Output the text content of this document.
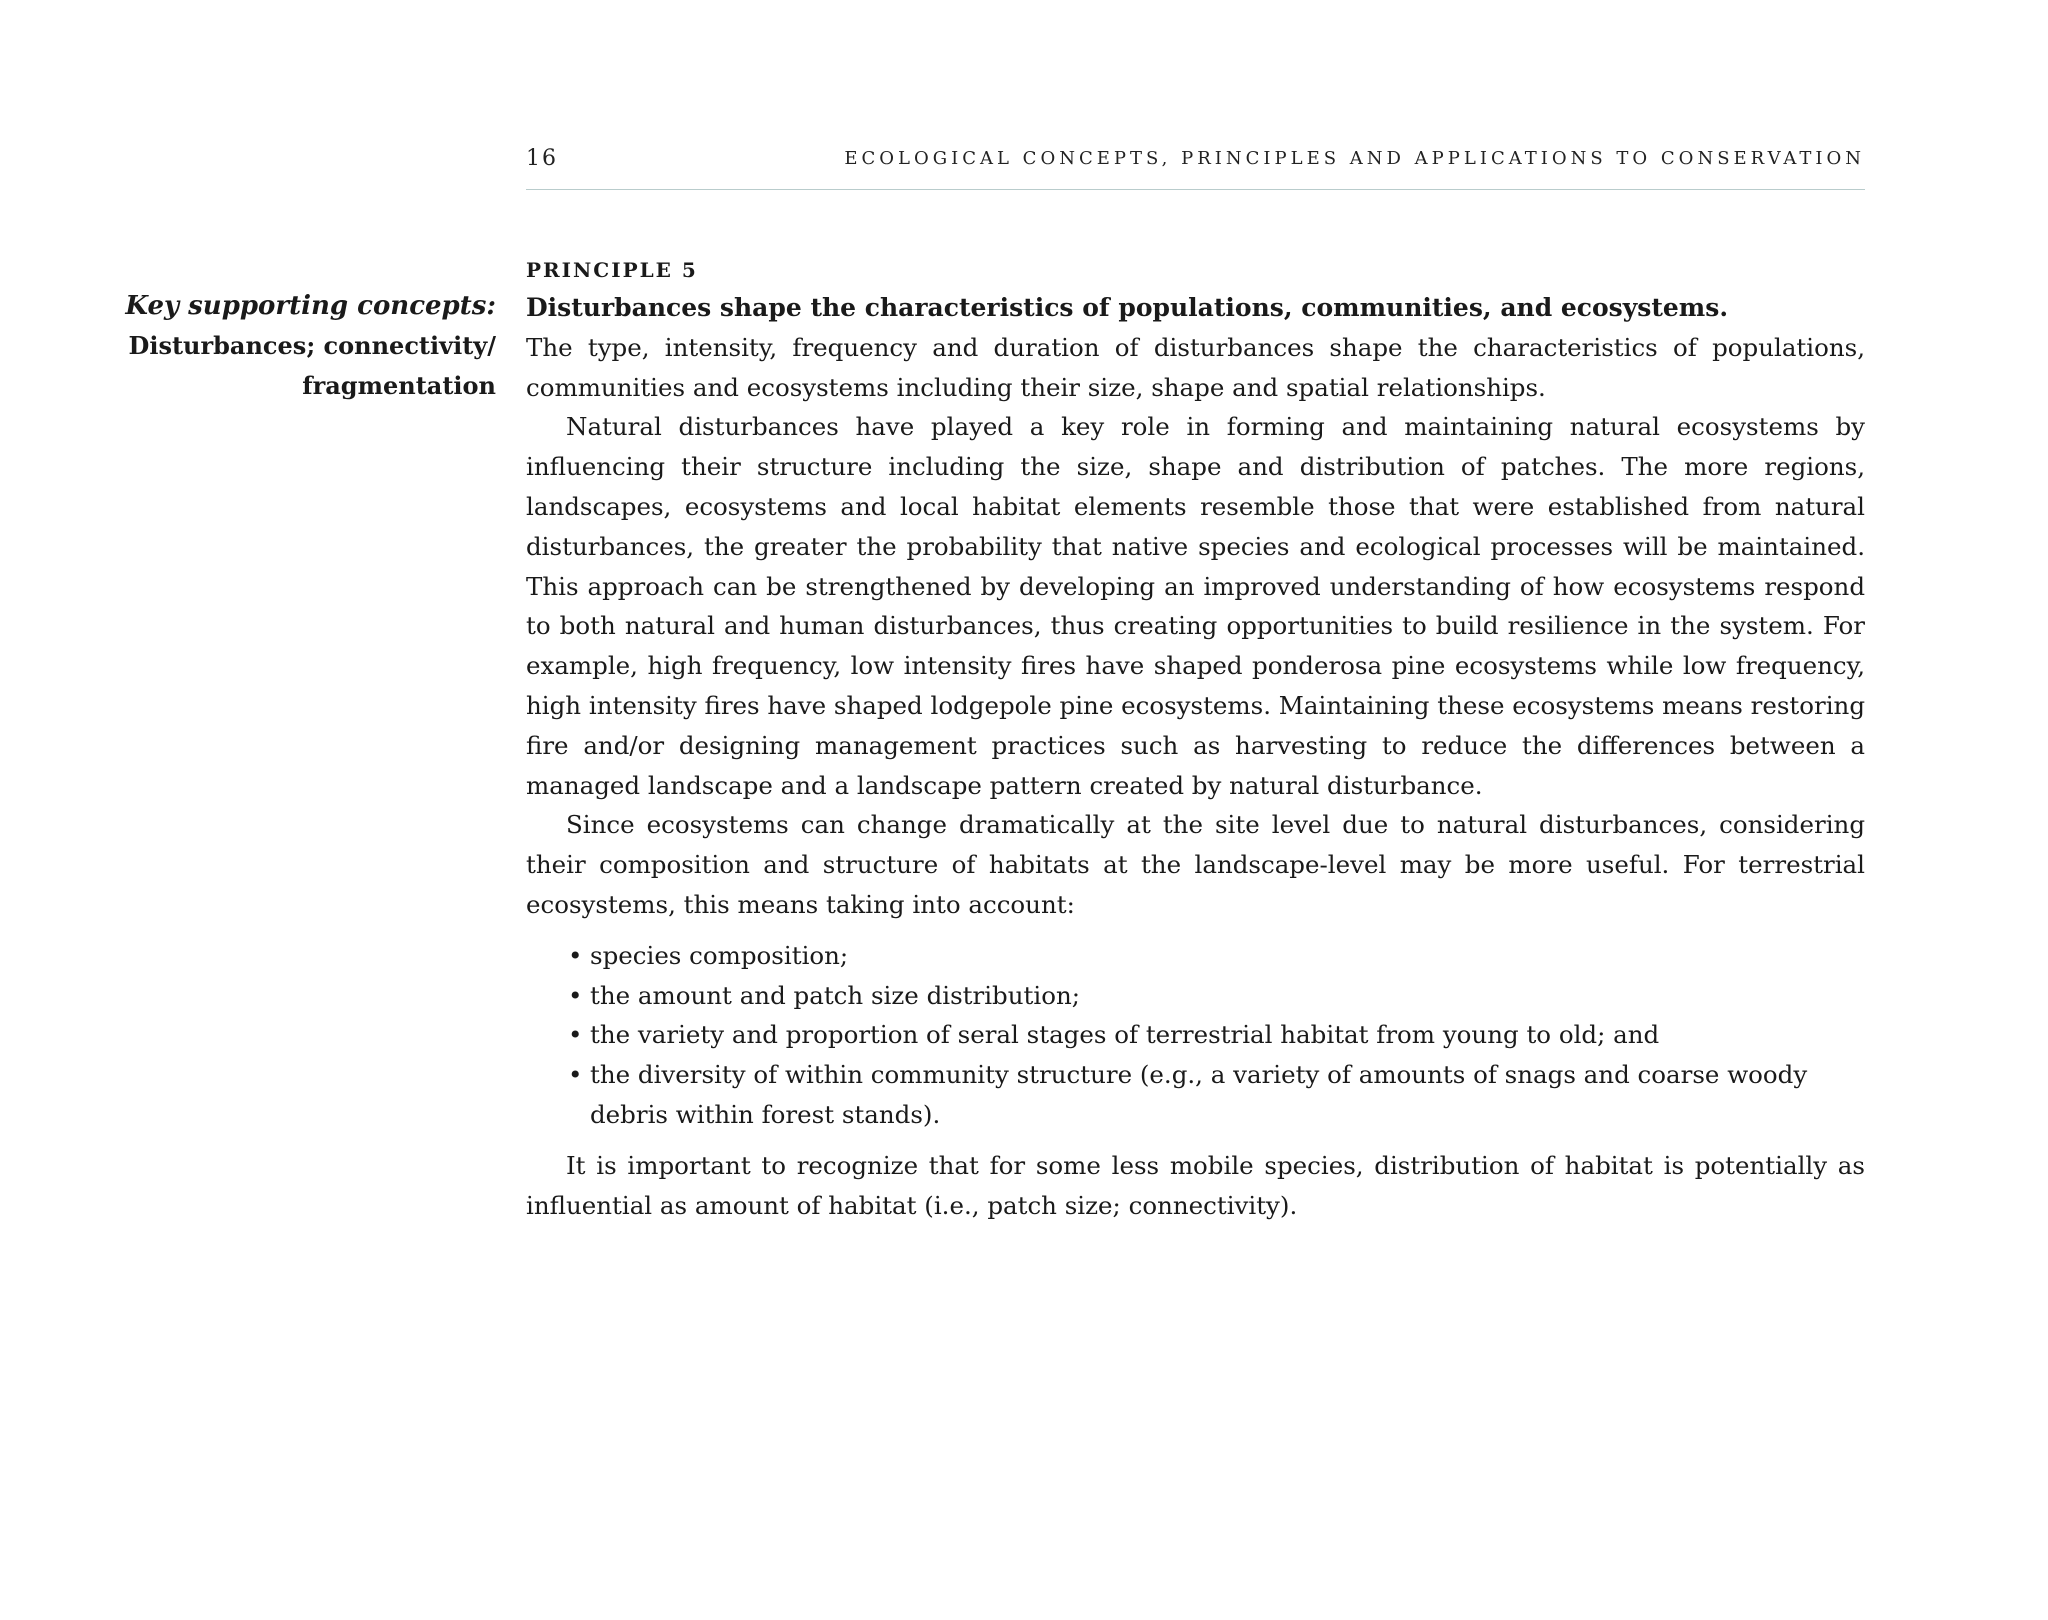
16	ECOLOGICAL CONCEPTS, PRINCIPLES AND APPLICATIONS TO CONSERVATION
Key supporting concepts:
Disturbances; connectivity/
fragmentation
PRINCIPLE 5
Disturbances shape the characteristics of populations, communities, and ecosystems.

The type, intensity, frequency and duration of disturbances shape the characteristics of populations, communities and ecosystems including their size, shape and spatial relationships.

Natural disturbances have played a key role in forming and maintaining natural ecosystems by influencing their structure including the size, shape and distribution of patches. The more regions, landscapes, ecosystems and local habitat elements resemble those that were established from natural disturbances, the greater the probability that native species and ecological processes will be maintained. This approach can be strengthened by developing an improved understanding of how ecosystems respond to both natural and human disturbances, thus creating opportunities to build resilience in the system. For example, high frequency, low intensity fires have shaped ponderosa pine ecosystems while low frequency, high intensity fires have shaped lodgepole pine ecosystems. Maintaining these ecosystems means restoring fire and/or designing management practices such as harvesting to reduce the differences between a managed landscape and a landscape pattern created by natural disturbance.

Since ecosystems can change dramatically at the site level due to natural disturbances, considering their composition and structure of habitats at the landscape-level may be more useful. For terrestrial ecosystems, this means taking into account:

• species composition;
• the amount and patch size distribution;
• the variety and proportion of seral stages of terrestrial habitat from young to old; and
• the diversity of within community structure (e.g., a variety of amounts of snags and coarse woody debris within forest stands).

It is important to recognize that for some less mobile species, distribution of habitat is potentially as influential as amount of habitat (i.e., patch size; connectivity).
